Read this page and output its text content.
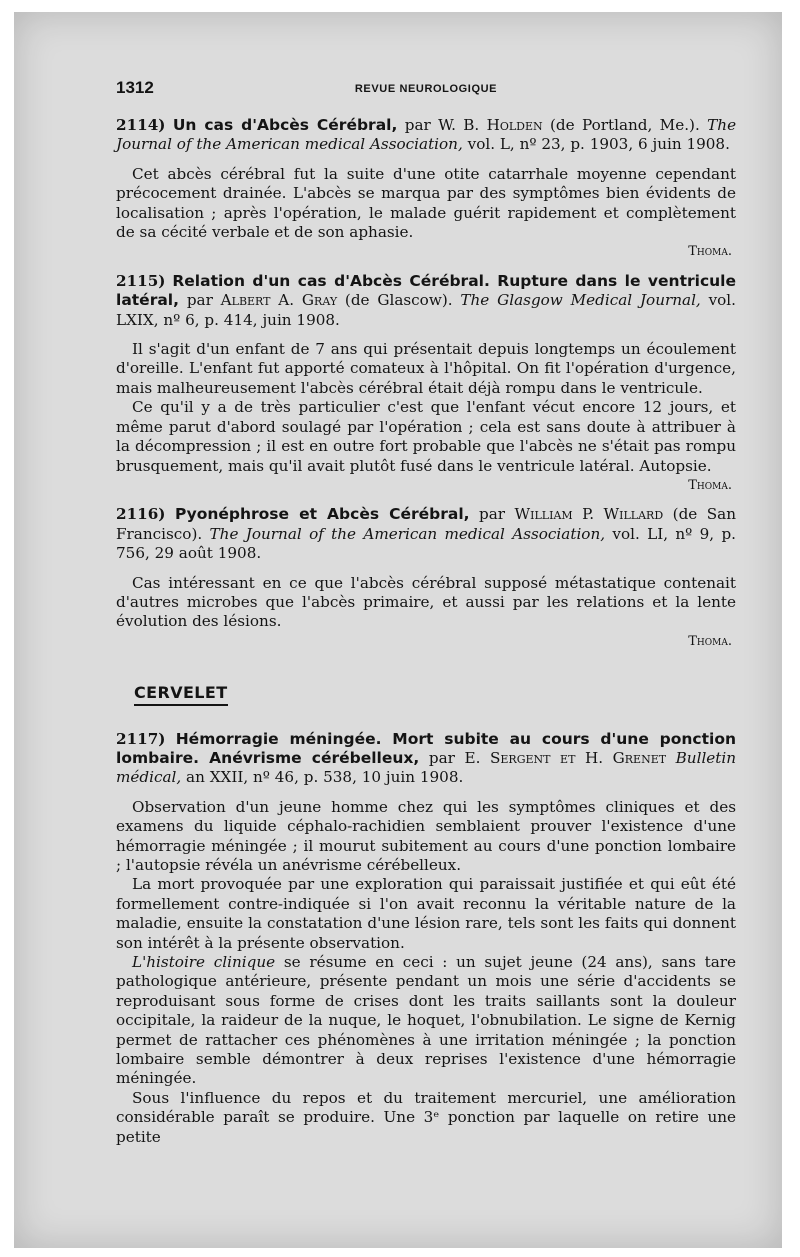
1312	REVUE NEUROLOGIQUE

2114) Un cas d'Abcès Cérébral, par W. B. Holden (de Portland, Me.). The Journal of the American medical Association, vol. L, nº 23, p. 1903, 6 juin 1908.

Cet abcès cérébral fut la suite d'une otite catarrhale moyenne cependant précocement drainée. L'abcès se marqua par des symptômes bien évidents de localisation ; après l'opération, le malade guérit rapidement et complètement de sa cécité verbale et de son aphasie.

Thoma.

2115) Relation d'un cas d'Abcès Cérébral. Rupture dans le ventricule latéral, par Albert A. Gray (de Glascow). The Glasgow Medical Journal, vol. LXIX, nº 6, p. 414, juin 1908.

Il s'agit d'un enfant de 7 ans qui présentait depuis longtemps un écoulement d'oreille. L'enfant fut apporté comateux à l'hôpital. On fit l'opération d'urgence, mais malheureusement l'abcès cérébral était déjà rompu dans le ventricule.

Ce qu'il y a de très particulier c'est que l'enfant vécut encore 12 jours, et même parut d'abord soulagé par l'opération ; cela est sans doute à attribuer à la décompression ; il est en outre fort probable que l'abcès ne s'était pas rompu brusquement, mais qu'il avait plutôt fusé dans le ventricule latéral. Autopsie.

Thoma.

2116) Pyonéphrose et Abcès Cérébral, par William P. Willard (de San Francisco). The Journal of the American medical Association, vol. LI, nº 9, p. 756, 29 août 1908.

Cas intéressant en ce que l'abcès cérébral supposé métastatique contenait d'autres microbes que l'abcès primaire, et aussi par les relations et la lente évolution des lésions.

Thoma.
CERVELET

2117) Hémorragie méningée. Mort subite au cours d'une ponction lombaire. Anévrisme cérébelleux, par E. Sergent et H. Grenet Bulletin médical, an XXII, nº 46, p. 538, 10 juin 1908.

Observation d'un jeune homme chez qui les symptômes cliniques et des examens du liquide céphalo-rachidien semblaient prouver l'existence d'une hémorragie méningée ; il mourut subitement au cours d'une ponction lombaire ; l'autopsie révéla un anévrisme cérébelleux.

La mort provoquée par une exploration qui paraissait justifiée et qui eût été formellement contre-indiquée si l'on avait reconnu la véritable nature de la maladie, ensuite la constatation d'une lésion rare, tels sont les faits qui donnent son intérêt à la présente observation.

L'histoire clinique se résume en ceci : un sujet jeune (24 ans), sans tare pathologique antérieure, présente pendant un mois une série d'accidents se reproduisant sous forme de crises dont les traits saillants sont la douleur occipitale, la raideur de la nuque, le hoquet, l'obnubilation. Le signe de Kernig permet de rattacher ces phénomènes à une irritation méningée ; la ponction lombaire semble démontrer à deux reprises l'existence d'une hémorragie méningée.

Sous l'influence du repos et du traitement mercuriel, une amélioration considérable paraît se produire. Une 3ᵉ ponction par laquelle on retire une petite
